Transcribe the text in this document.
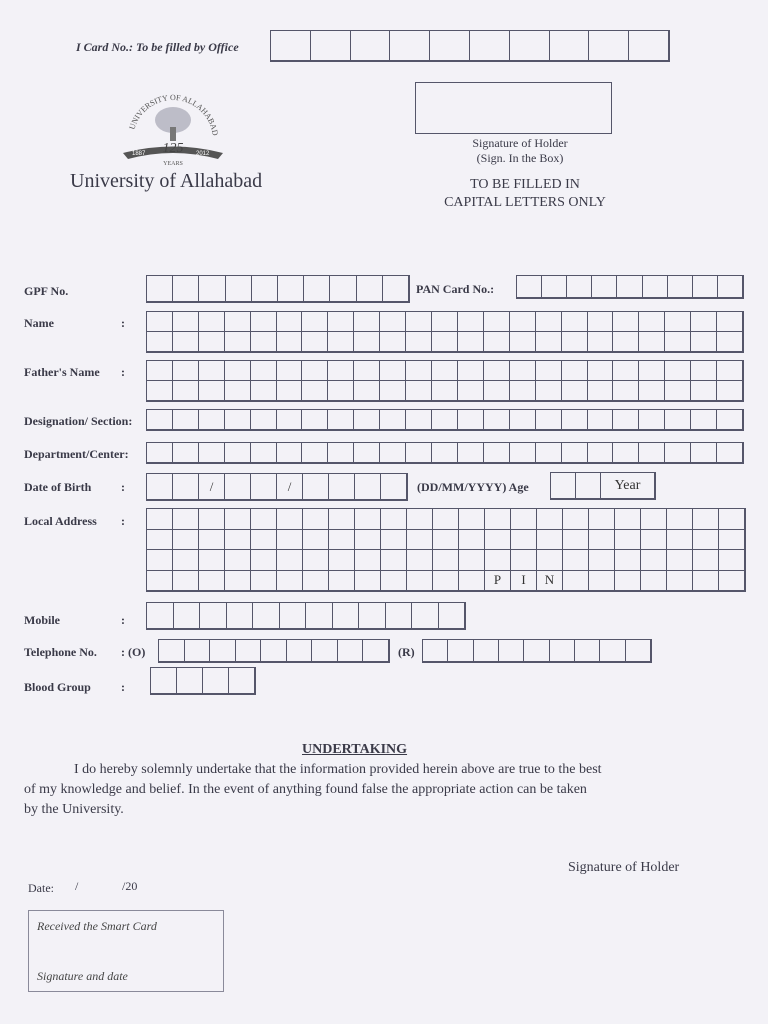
I Card No.: To be filled by Office
UNIVERSITY OF ALLAHABAD
1887	2012
125
YEARS
University of Allahabad
Signature of Holder
(Sign. In the Box)
TO BE FILLED IN
CAPITAL LETTERS ONLY
GPF No.	PAN Card No.:
Name	:
Father's Name :
Designation/ Section:
Department/Center:
Date of Birth :	/	/	(DD/MM/YYYY) Age	Year
Local Address :
P	I	N
Mobile	:
Telephone No. : (O)	(R)
Blood Group	:
UNDERTAKING
I do hereby solemnly undertake that the information provided herein above are true to the best
of my knowledge and belief. In the event of anything found false the appropriate action can be taken
by the University.
Signature of Holder
Date: /	/20
Received the Smart Card
Signature and date
